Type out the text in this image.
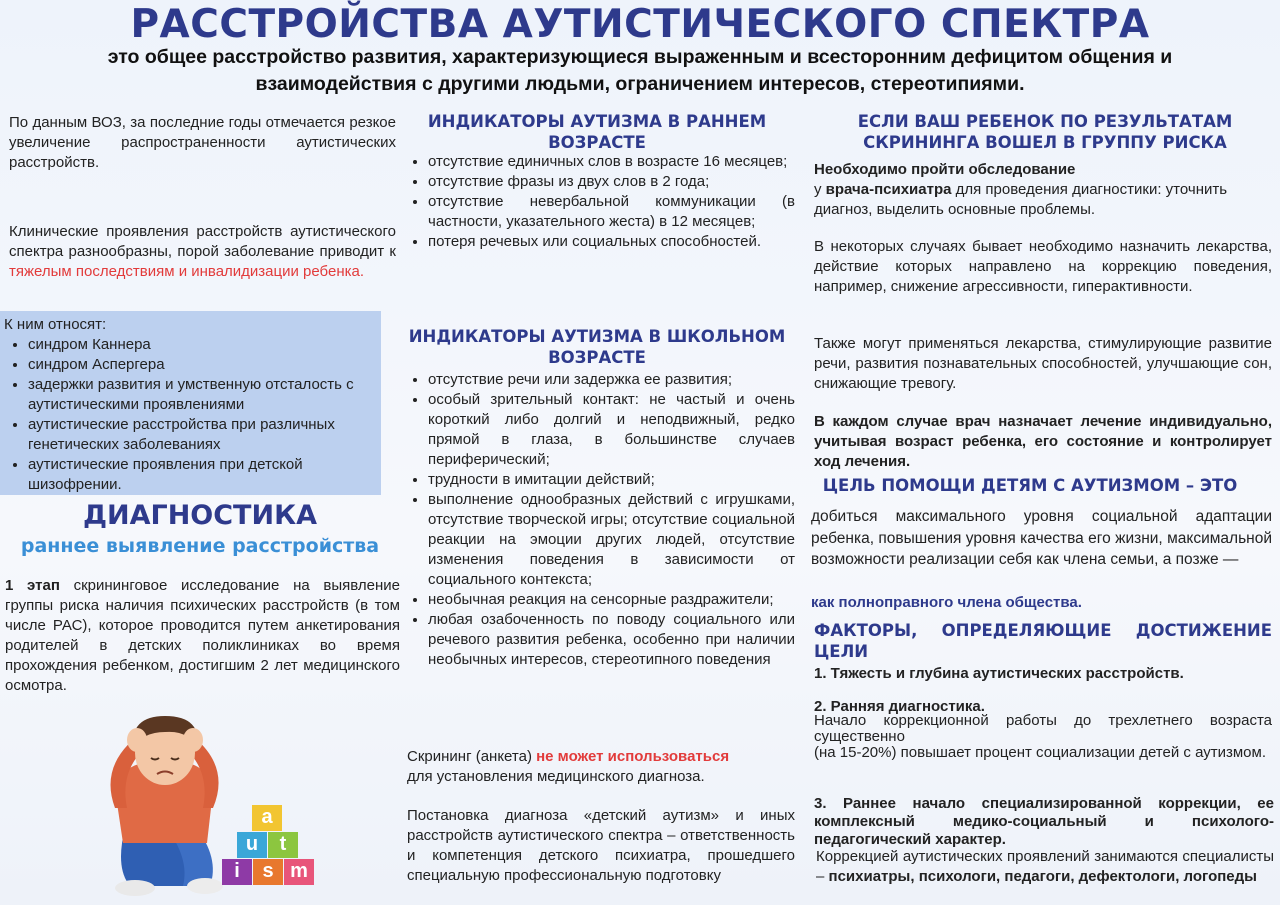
РАССТРОЙСТВА АУТИСТИЧЕСКОГО СПЕКТРА
это общее расстройство развития, характеризующиеся выраженным и всесторонним дефицитом общения и взаимодействия с другими людьми, ограничением интересов, стереотипиями.

По данным ВОЗ, за последние годы отмечается резкое увеличение распространенности аутистических расстройств.

Клинические проявления расстройств аутистического спектра разнообразны, порой заболевание приводит к тяжелым последствиям и инвалидизации ребенка.

К ним относят:
• синдром Каннера
• синдром Аспергера
• задержки развития и умственную отсталость с аутистическими проявлениями
• аутистические расстройства при различных генетических заболеваниях
• аутистические проявления при детской шизофрении.
ДИАГНОСТИКА
раннее выявление расстройства

1 этап скрининговое исследование на выявление группы риска наличия психических расстройств (в том числе РАС), которое проводится путем анкетирования родителей в детских поликлиниках во время прохождения ребенком, достигшим 2 лет медицинского осмотра.

a
u	t
i	s m
ИНДИКАТОРЫ АУТИЗМА В РАННЕМ ВОЗРАСТЕ
• отсутствие единичных слов в возрасте 16 месяцев;
• отсутствие фразы из двух слов в 2 года;
• отсутствие невербальной коммуникации (в частности, указательного жеста) в 12 месяцев;
• потеря речевых или социальных способностей.
ИНДИКАТОРЫ АУТИЗМА В ШКОЛЬНОМ ВОЗРАСТЕ
• отсутствие речи или задержка ее развития;
• особый зрительный контакт: не частый и очень короткий либо долгий и неподвижный, редко прямой в глаза, в большинстве случаев периферический;
• трудности в имитации действий;
• выполнение однообразных действий с игрушками, отсутствие творческой игры; отсутствие социальной реакции на эмоции других людей, отсутствие изменения поведения в зависимости от социального контекста;
• необычная реакция на сенсорные раздражители;
• любая озабоченность по поводу социального или речевого развития ребенка, особенно при наличии необычных интересов, стереотипного поведения

Скрининг (анкета) не может использоваться
для установления медицинского диагноза.

Постановка диагноза «детский аутизм» и иных расстройств аутистического спектра – ответственность и компетенция детского психиатра, прошедшего специальную профессиональную подготовку

ЕСЛИ ВАШ РЕБЕНОК ПО РЕЗУЛЬТАТАМ СКРИНИНГА ВОШЕЛ В ГРУППУ РИСКА

Необходимо пройти обследование
у врача-психиатра для проведения диагностики: уточнить диагноз, выделить основные проблемы.

В некоторых случаях бывает необходимо назначить лекарства, действие которых направлено на коррекцию поведения, например, снижение агрессивности, гиперактивности.

Также могут применяться лекарства, стимулирующие развитие речи, развития познавательных способностей, улучшающие сон, снижающие тревогу.

В каждом случае врач назначает лечение индивидуально, учитывая возраст ребенка, его состояние и контролирует ход лечения.

ЦЕЛЬ ПОМОЩИ ДЕТЯМ С АУТИЗМОМ – ЭТО

добиться максимального уровня социальной адаптации ребенка, повышения уровня качества его жизни, максимальной возможности реализации себя как члена семьи, а позже —

как полноправного члена общества.
ФАКТОРЫ, ОПРЕДЕЛЯЮЩИЕ ДОСТИЖЕНИЕ ЦЕЛИ

1. Тяжесть и глубина аутистических расстройств.

2. Ранняя диагностика.

Начало коррекционной работы до трехлетнего возраста существенно
(на 15-20%) повышает процент социализации детей с аутизмом.

3. Раннее начало специализированной коррекции, ее комплексный медико-социальный и психолого-педагогический характер.

Коррекцией аутистических проявлений занимаются специалисты – психиатры, психологи, педагоги, дефектологи, логопеды
